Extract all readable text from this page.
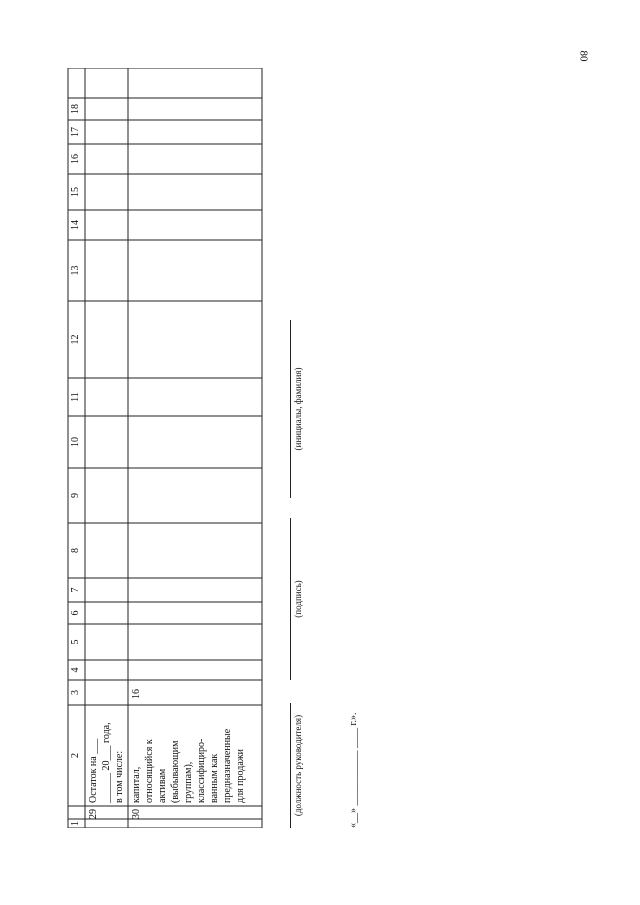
80
1
2
3
4
5
6
7
8
9
10
11
12
13
14
15
16
17
18
29
Остаток на ___ ______ 20___ года, в том числе:
30
капитал, относящийся к активам (выбывающим группам), классифициро- ванным как предназначенные для продажи
16
(должность руководителя)
(подпись)
(инициалы, фамилия)
«__» ___________ ____ г.».
